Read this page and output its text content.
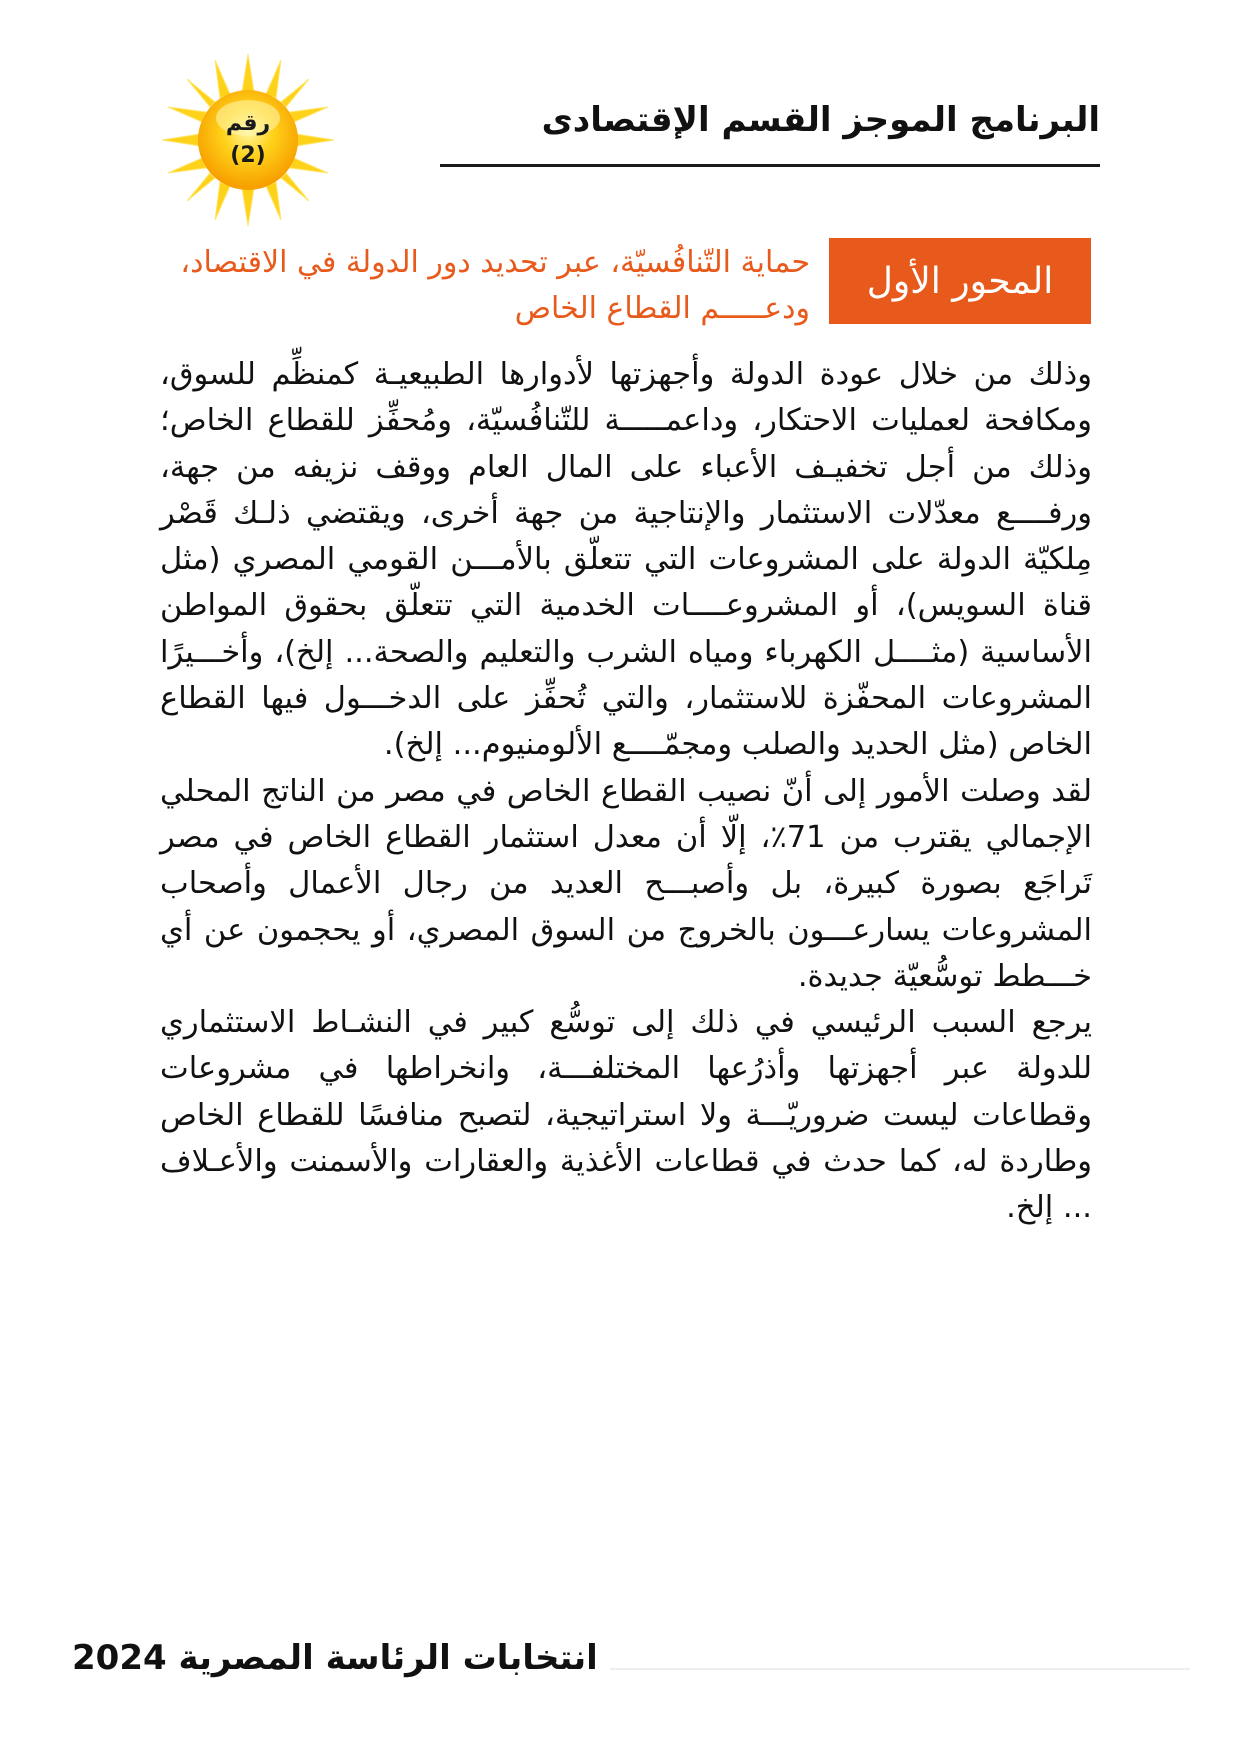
رقم
(2)
البرنامج الموجز القسم الإقتصادى
المحور الأول
حماية التّنافُسيّة، عبر تحديد دور الدولة في الاقتصاد، ودعـــــم القطاع الخاص

وذلك من خلال عودة الدولة وأجهزتها لأدوارها الطبيعيـة كمنظِّم للسوق، ومكافحة لعمليات الاحتكار، وداعمـــــة للتّنافُسيّة، ومُحفِّز للقطاع الخاص؛ وذلك من أجل تخفيـف الأعباء على المال العام ووقف نزيفه من جهة، ورفــــع معدّلات الاستثمار والإنتاجية من جهة أخرى، ويقتضي ذلـك قَصْر مِلكيّة الدولة على المشروعات التي تتعلّق بالأمـــن القومي المصري (مثل قناة السويس)، أو المشروعــــات الخدمية التي تتعلّق بحقوق المواطن الأساسية (مثــــل الكهرباء ومياه الشرب والتعليم والصحة... إلخ)، وأخـــيرًا المشروعات المحفّزة للاستثمار، والتي تُحفِّز على الدخـــول فيها القطاع الخاص (مثل الحديد والصلب ومجمّــــع الألومنيوم... إلخ).

لقد وصلت الأمور إلى أنّ نصيب القطاع الخاص في مصر من الناتج المحلي الإجمالي يقترب من 71٪، إلّا أن معدل استثمار القطاع الخاص في مصر تَراجَع بصورة كبيرة، بل وأصبـــح العديد من رجال الأعمال وأصحاب المشروعات يسارعـــون بالخروج من السوق المصري، أو يحجمون عن أي خـــطط توسُّعيّة جديدة.

يرجع السبب الرئيسي في ذلك إلى توسُّع كبير في النشـاط الاستثماري للدولة عبر أجهزتها وأذرُعها المختلفـــة، وانخراطها في مشروعات وقطاعات ليست ضروريّـــة ولا استراتيجية، لتصبح منافسًا للقطاع الخاص وطاردة له، كما حدث في قطاعات الأغذية والعقارات والأسمنت والأعـلاف ... إلخ.

انتخابات الرئاسة المصرية 2024
